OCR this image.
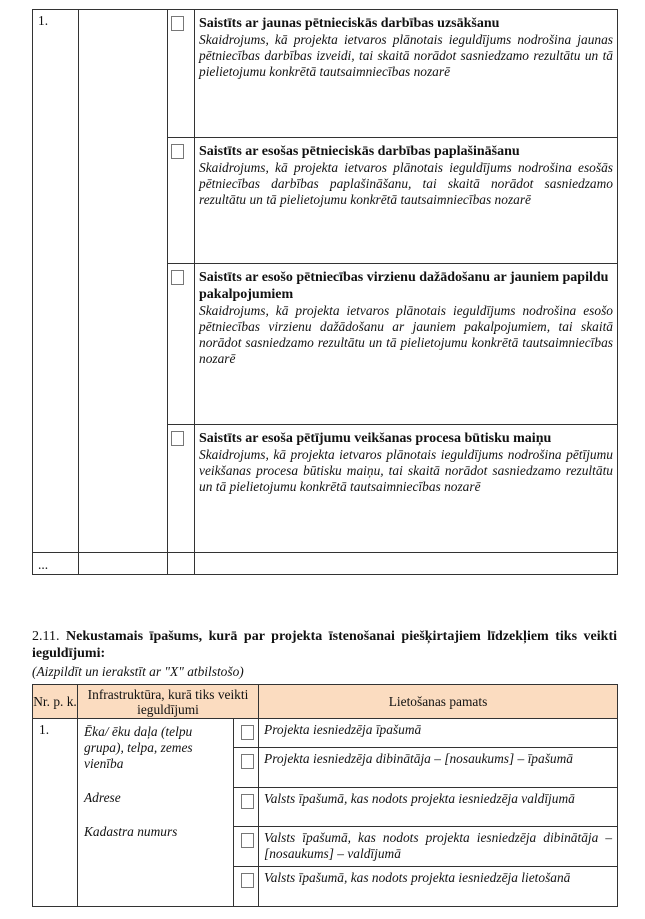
1.			Saistīts ar jaunas pētnieciskās darbības uzsākšanu
Skaidrojums, kā projekta ietvaros plānotais ieguldījums nodrošina jaunas pētniecības darbības izveidi, tai skaitā norādot sasniedzamo rezultātu un tā pielietojumu konkrētā tautsaimniecības nozarē

			Saistīts ar esošas pētnieciskās darbības paplašināšanu
Skaidrojums, kā projekta ietvaros plānotais ieguldījums nodrošina esošās pētniecības darbības paplašināšanu, tai skaitā norādot sasniedzamo rezultātu un tā pielietojumu konkrētā tautsaimniecības nozarē

			Saistīts ar esošo pētniecības virzienu dažādošanu ar jauniem papildu pakalpojumiem
Skaidrojums, kā projekta ietvaros plānotais ieguldījums nodrošina esošo pētniecības virzienu dažādošanu ar jauniem pakalpojumiem, tai skaitā norādot sasniedzamo rezultātu un tā pielietojumu konkrētā tautsaimniecības nozarē

			Saistīts ar esoša pētījumu veikšanas procesa būtisku maiņu
Skaidrojums, kā projekta ietvaros plānotais ieguldījums nodrošina pētījumu veikšanas procesa būtisku maiņu, tai skaitā norādot sasniedzamo rezultātu un tā pielietojumu konkrētā tautsaimniecības nozarē

...			
2.11. Nekustamais īpašums, kurā par projekta īstenošanai piešķirtajiem līdzekļiem tiks veikti ieguldījumi:
(Aizpildīt un ierakstīt ar "X" atbilstošo)
Nr. p. k.	Infrastruktūra, kurā tiks veikti ieguldījumi		Lietošanas pamats
1.	Ēka/ ēku daļa (telpu grupa), telpa, zemes vienība

Adrese

Kadastra numurs		Projekta iesniedzēja īpašumā
			Projekta iesniedzēja dibinātāja – [nosaukums] – īpašumā
			Valsts īpašumā, kas nodots projekta iesniedzēja valdījumā
			Valsts īpašumā, kas nodots projekta iesniedzēja dibinātāja – [nosaukums] – valdījumā
			Valsts īpašumā, kas nodots projekta iesniedzēja lietošanā
